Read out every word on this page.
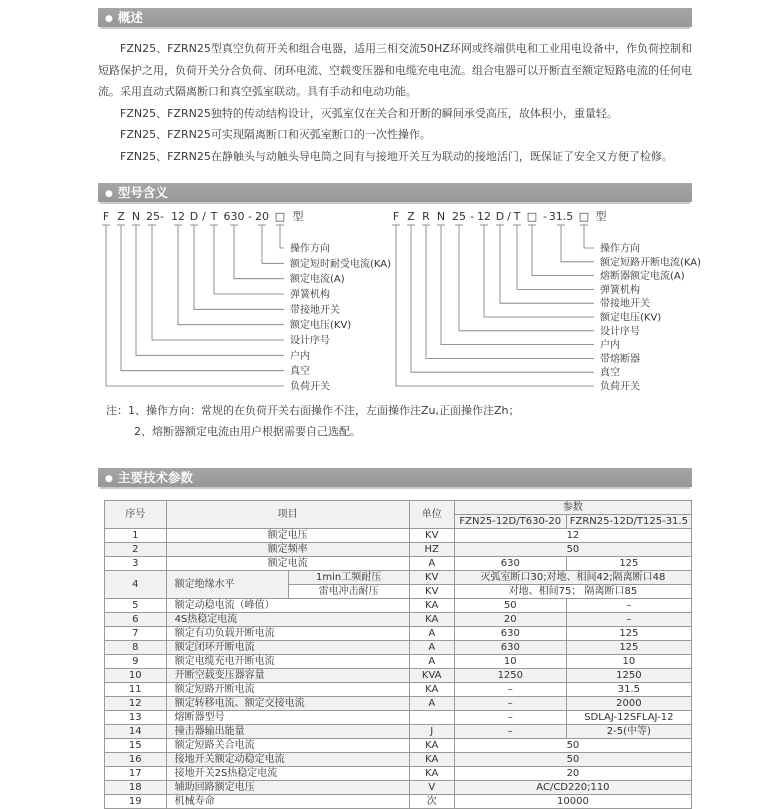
● 概述

FZN25、FZRN25型真空负荷开关和组合电器，适用三相交流50HZ环网或终端供电和工业用电设备中，作负荷控制和短路保护之用，负荷开关分合负荷、闭环电流、空载变压器和电缆充电电流。组合电器可以开断直至额定短路电流的任何电流。采用直动式隔离断口和真空弧室联动。具有手动和电动功能。

FZN25、FZRN25独特的传动结构设计，灭弧室仅在关合和开断的瞬间承受高压，故体积小，重量轻。

FZN25、FZRN25可实现隔离断口和灭弧室断口的一次性操作。

FZN25、FZRN25在静触头与动触头导电筒之间有与接地开关互为联动的接地活门，既保证了安全又方便了检修。

● 型号含义
F Z N 25- 12 D / T 630 - 20 □ 型
负荷开关
真空
户内
设计序号
额定电压(KV)
带接地开关
弹簧机构
额定电流(A)
额定短时耐受电流(KA)
操作方向
F Z R N 25 - 12 D / T □ - 31.5 □ 型
负荷开关
真空
带熔断器
户内
设计序号
额定电压(KV)
带接地开关
弹簧机构
熔断器额定电流(A)
额定短路开断电流(KA)
操作方向
注：1、操作方向：常规的在负荷开关右面操作不注，左面操作注Zu,正面操作注Zh；
2、熔断器额定电流由用户根据需要自己选配。
● 主要技术参数
序号	项目		单位	参数	
				FZN25-12D/T630-20	FZRN25-12D/T125-31.5
1	额定电压		KV	12	
2	额定频率		HZ	50	
3	额定电流		A	630	125
4	额定绝缘水平	1min工频耐压	KV	灭弧室断口30;对地、相间42;隔离断口48	
		雷电冲击耐压	KV	对地、相间75； 隔离断口85	
5	额定动稳电流（峰值）		KA	50	–
6	4S热稳定电流		KA	20	–
7	额定有功负载开断电流		A	630	125
8	额定闭环开断电流		A	630	125
9	额定电缆充电开断电流		A	10	10
10	开断空载变压器容量		KVA	1250	1250
11	额定短路开断电流		KA	–	31.5
12	额定转移电流、额定交接电流		A	–	2000
13	熔断器型号			–	SDLAJ-12SFLAJ-12
14	撞击器输出能量		J	–	2-5(中等)
15	额定短路关合电流		KA	50	
16	接地开关额定动稳定电流		KA	50	
17	接地开关2S热稳定电流		KA	20	
18	辅助回路额定电压		V	AC/CD220;110	
19	机械寿命		次	10000	
